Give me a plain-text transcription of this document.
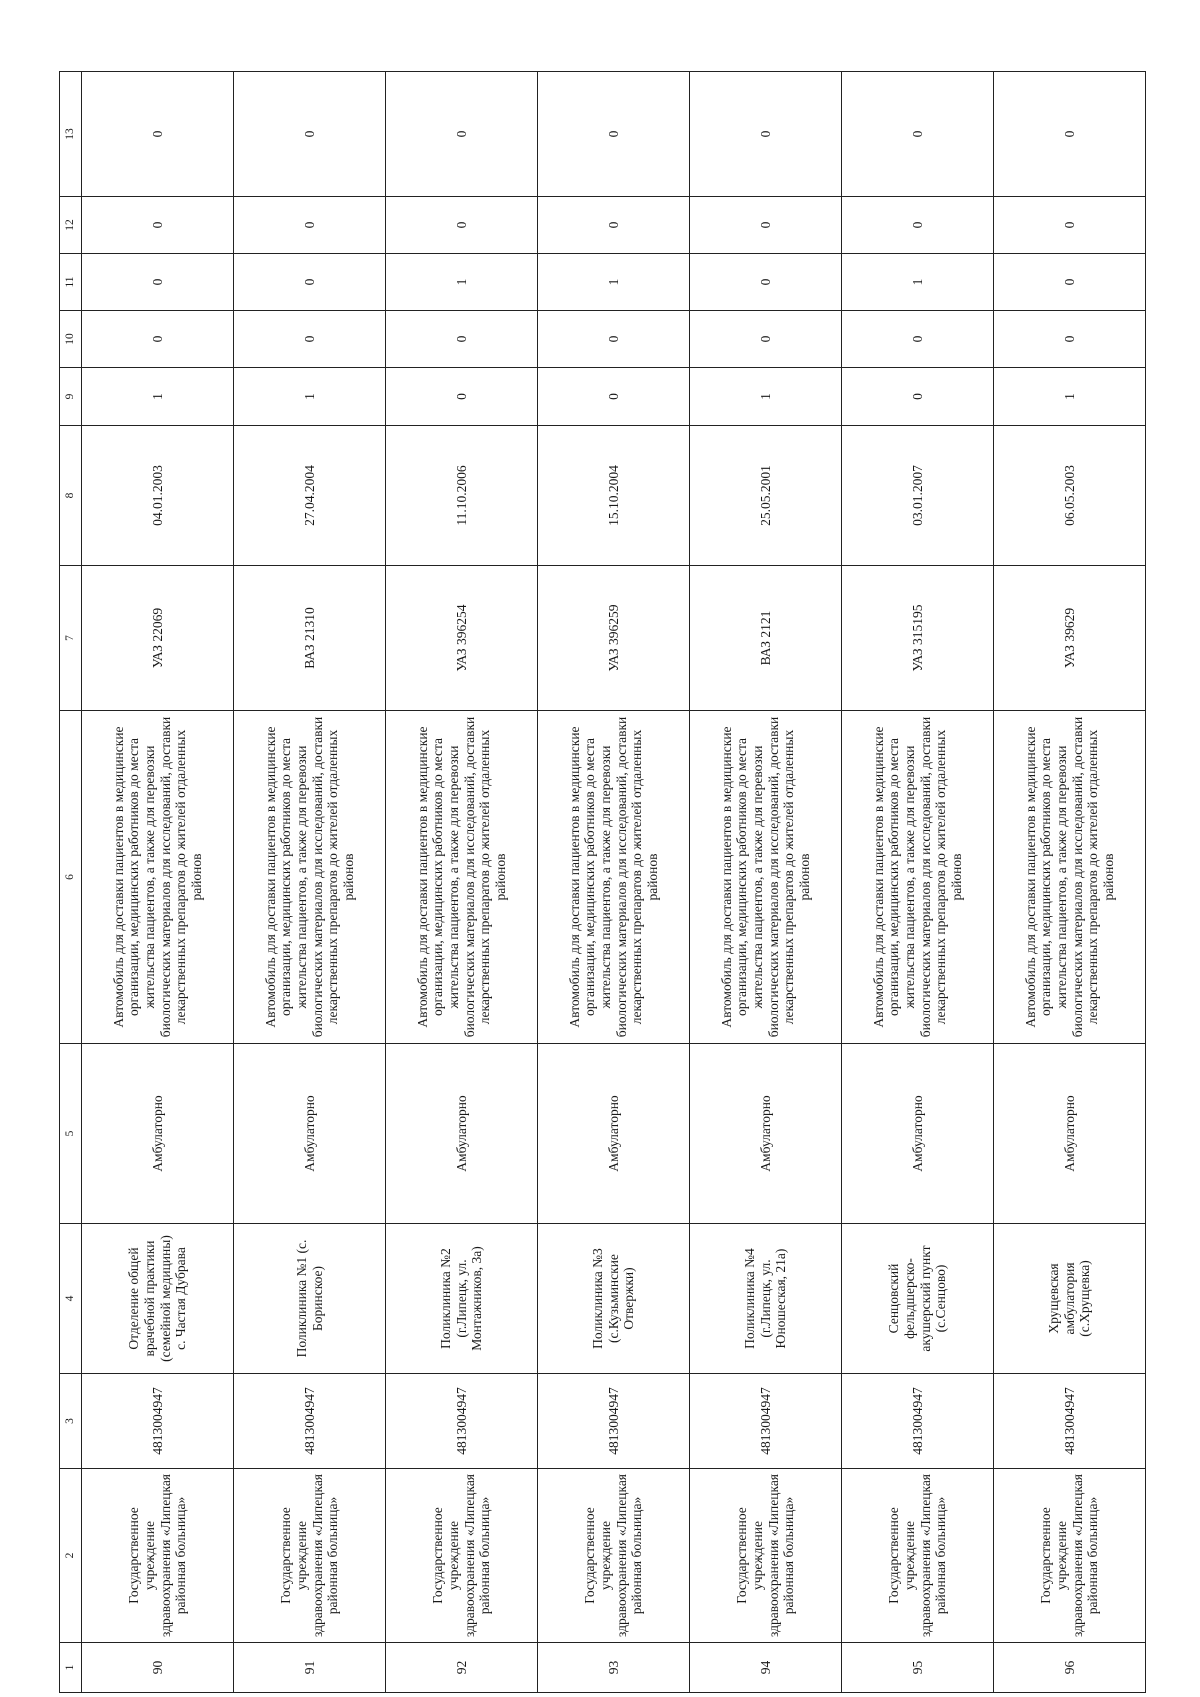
1	2	3	4	5	6	7	8	9	10	11	12	13
90	Государственное учреждение здравоохранения «Липецкая районная больница»	4813004947	Отделение общей врачебной практики (семейной медицины) с. Частая Дубрава	Амбулаторно	Автомобиль для доставки пациентов в медицинские организации, медицинских работников до места жительства пациентов, а также для перевозки биологических материалов для исследований, доставки лекарственных препаратов до жителей отдаленных районов	УАЗ 22069	04.01.2003	1	0	0	0	0
91	Государственное учреждение здравоохранения «Липецкая районная больница»	4813004947	Поликлиника №1 (с. Боринское)	Амбулаторно	Автомобиль для доставки пациентов в медицинские организации, медицинских работников до места жительства пациентов, а также для перевозки биологических материалов для исследований, доставки лекарственных препаратов до жителей отдаленных районов	ВАЗ 21310	27.04.2004	1	0	0	0	0
92	Государственное учреждение здравоохранения «Липецкая районная больница»	4813004947	Поликлиника №2 (г.Липецк, ул. Монтажников, 3а)	Амбулаторно	Автомобиль для доставки пациентов в медицинские организации, медицинских работников до места жительства пациентов, а также для перевозки биологических материалов для исследований, доставки лекарственных препаратов до жителей отдаленных районов	УАЗ 396254	11.10.2006	0	0	1	0	0
93	Государственное учреждение здравоохранения «Липецкая районная больница»	4813004947	Поликлиника №3 (с.Кузьминские Отвержки)	Амбулаторно	Автомобиль для доставки пациентов в медицинские организации, медицинских работников до места жительства пациентов, а также для перевозки биологических материалов для исследований, доставки лекарственных препаратов до жителей отдаленных районов	УАЗ 396259	15.10.2004	0	0	1	0	0
94	Государственное учреждение здравоохранения «Липецкая районная больница»	4813004947	Поликлиника №4 (г.Липецк, ул. Юношеская, 21а)	Амбулаторно	Автомобиль для доставки пациентов в медицинские организации, медицинских работников до места жительства пациентов, а также для перевозки биологических материалов для исследований, доставки лекарственных препаратов до жителей отдаленных районов	ВАЗ 2121	25.05.2001	1	0	0	0	0
95	Государственное учреждение здравоохранения «Липецкая районная больница»	4813004947	Сенцовский фельдшерско-акушерский пункт (с.Сенцово)	Амбулаторно	Автомобиль для доставки пациентов в медицинские организации, медицинских работников до места жительства пациентов, а также для перевозки биологических материалов для исследований, доставки лекарственных препаратов до жителей отдаленных районов	УАЗ 315195	03.01.2007	0	0	1	0	0
96	Государственное учреждение здравоохранения «Липецкая районная больница»	4813004947	Хрущевская амбулатория (с.Хрущевка)	Амбулаторно	Автомобиль для доставки пациентов в медицинские организации, медицинских работников до места жительства пациентов, а также для перевозки биологических материалов для исследований, доставки лекарственных препаратов до жителей отдаленных районов	УАЗ 39629	06.05.2003	1	0	0	0	0
